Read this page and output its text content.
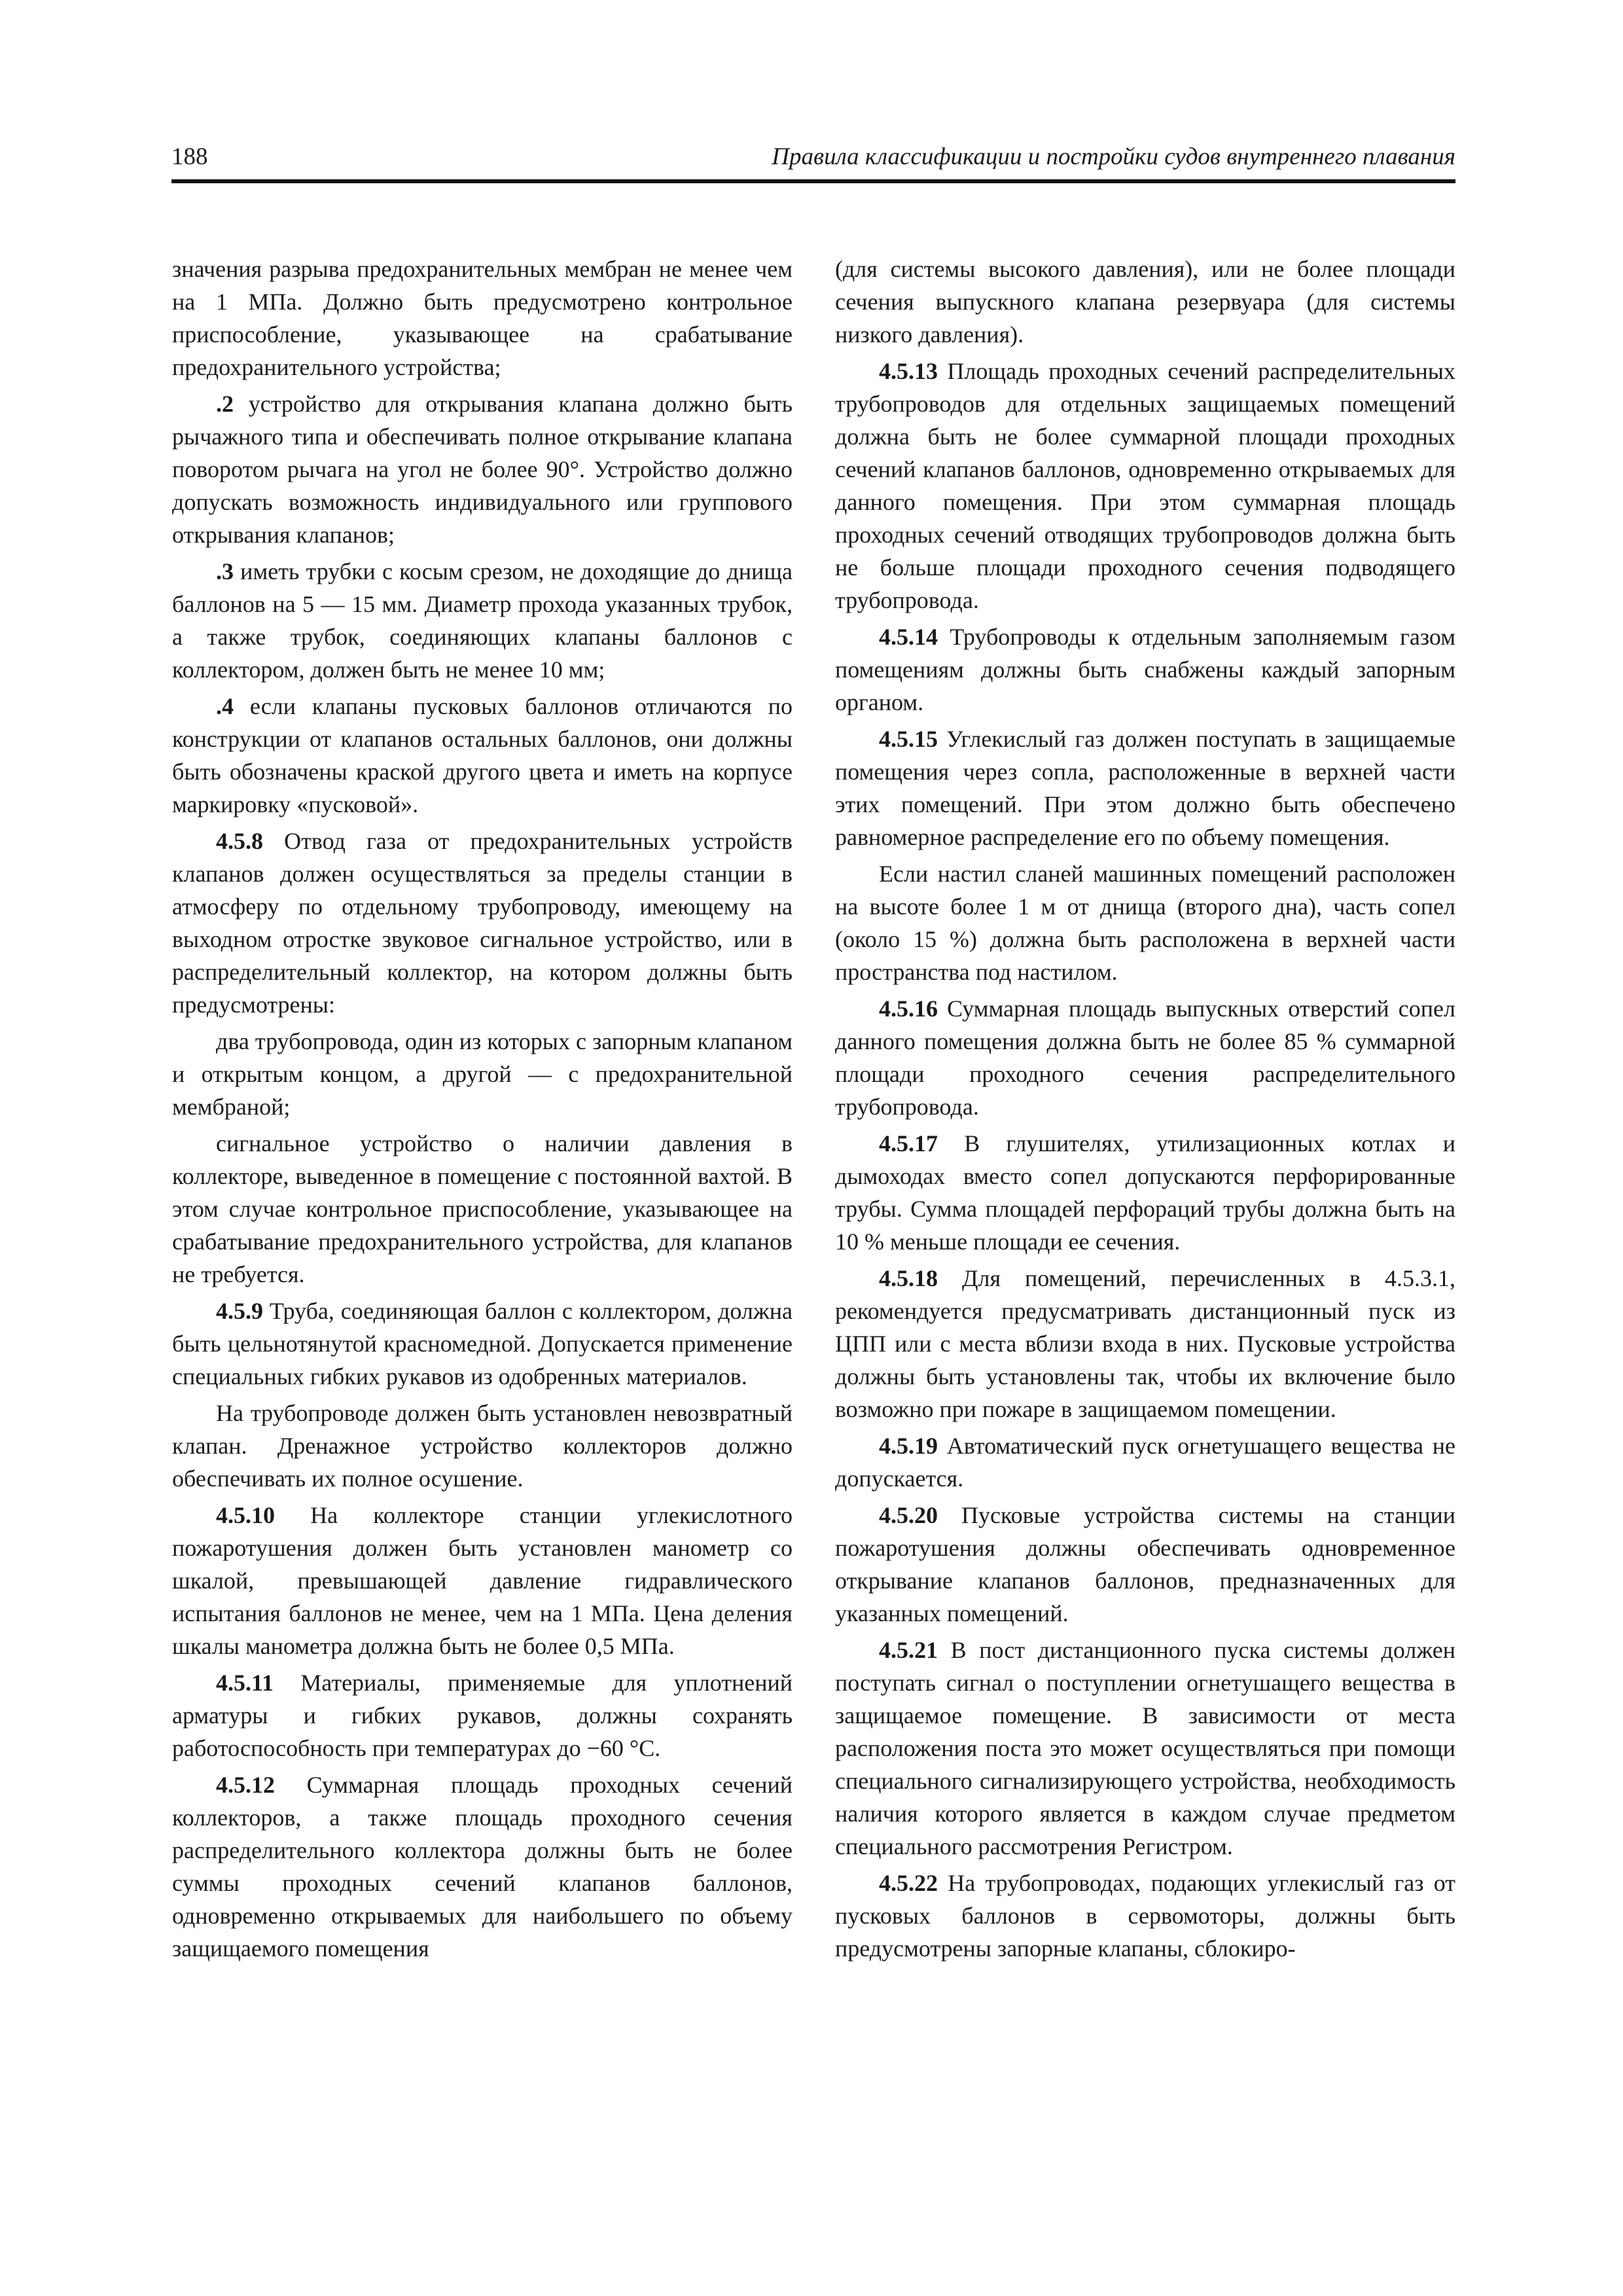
188	Правила классификации и постройки судов внутреннего плавания

значения разрыва предохранительных мембран не менее чем на 1 МПа. Должно быть предусмотрено контрольное приспособление, указывающее на срабатывание предохранительного устройства;

.2 устройство для открывания клапана должно быть рычажного типа и обеспечивать полное открывание клапана поворотом рычага на угол не более 90°. Устройство должно допускать возможность индивидуального или группового открывания клапанов;

.3 иметь трубки с косым срезом, не доходящие до днища баллонов на 5 — 15 мм. Диаметр прохода указанных трубок, а также трубок, соединяющих клапаны баллонов с коллектором, должен быть не менее 10 мм;

.4 если клапаны пусковых баллонов отличаются по конструкции от клапанов остальных баллонов, они должны быть обозначены краской другого цвета и иметь на корпусе маркировку «пусковой».

4.5.8 Отвод газа от предохранительных устройств клапанов должен осуществляться за пределы станции в атмосферу по отдельному трубопроводу, имеющему на выходном отростке звуковое сигнальное устройство, или в распределительный коллектор, на котором должны быть предусмотрены:

два трубопровода, один из которых с запорным клапаном и открытым концом, а другой — с предохранительной мембраной;

сигнальное устройство о наличии давления в коллекторе, выведенное в помещение с постоянной вахтой. В этом случае контрольное приспособление, указывающее на срабатывание предохранительного устройства, для клапанов не требуется.

4.5.9 Труба, соединяющая баллон с коллектором, должна быть цельнотянутой красномедной. Допускается применение специальных гибких рукавов из одобренных материалов.

На трубопроводе должен быть установлен невозвратный клапан. Дренажное устройство коллекторов должно обеспечивать их полное осушение.

4.5.10 На коллекторе станции углекислотного пожаротушения должен быть установлен манометр со шкалой, превышающей давление гидравлического испытания баллонов не менее, чем на 1 МПа. Цена деления шкалы манометра должна быть не более 0,5 МПа.

4.5.11 Материалы, применяемые для уплотнений арматуры и гибких рукавов, должны сохранять работоспособность при температурах до −60 °С.

4.5.12 Суммарная площадь проходных сечений коллекторов, а также площадь проходного сечения распределительного коллектора должны быть не более суммы проходных сечений клапанов баллонов, одновременно открываемых для наибольшего по объему защищаемого помещения

(для системы высокого давления), или не более площади сечения выпускного клапана резервуара (для системы низкого давления).

4.5.13 Площадь проходных сечений распределительных трубопроводов для отдельных защищаемых помещений должна быть не более суммарной площади проходных сечений клапанов баллонов, одновременно открываемых для данного помещения. При этом суммарная площадь проходных сечений отводящих трубопроводов должна быть не больше площади проходного сечения подводящего трубопровода.

4.5.14 Трубопроводы к отдельным заполняемым газом помещениям должны быть снабжены каждый запорным органом.

4.5.15 Углекислый газ должен поступать в защищаемые помещения через сопла, расположенные в верхней части этих помещений. При этом должно быть обеспечено равномерное распределение его по объему помещения.

Если настил сланей машинных помещений расположен на высоте более 1 м от днища (второго дна), часть сопел (около 15 %) должна быть расположена в верхней части пространства под настилом.

4.5.16 Суммарная площадь выпускных отверстий сопел данного помещения должна быть не более 85 % суммарной площади проходного сечения распределительного трубопровода.

4.5.17 В глушителях, утилизационных котлах и дымоходах вместо сопел допускаются перфорированные трубы. Сумма площадей перфораций трубы должна быть на 10 % меньше площади ее сечения.

4.5.18 Для помещений, перечисленных в 4.5.3.1, рекомендуется предусматривать дистанционный пуск из ЦПП или с места вблизи входа в них. Пусковые устройства должны быть установлены так, чтобы их включение было возможно при пожаре в защищаемом помещении.

4.5.19 Автоматический пуск огнетушащего вещества не допускается.

4.5.20 Пусковые устройства системы на станции пожаротушения должны обеспечивать одновременное открывание клапанов баллонов, предназначенных для указанных помещений.

4.5.21 В пост дистанционного пуска системы должен поступать сигнал о поступлении огнетушащего вещества в защищаемое помещение. В зависимости от места расположения поста это может осуществляться при помощи специального сигнализирующего устройства, необходимость наличия которого является в каждом случае предметом специального рассмотрения Регистром.

4.5.22 На трубопроводах, подающих углекислый газ от пусковых баллонов в сервомоторы, должны быть предусмотрены запорные клапаны, сблокиро-
